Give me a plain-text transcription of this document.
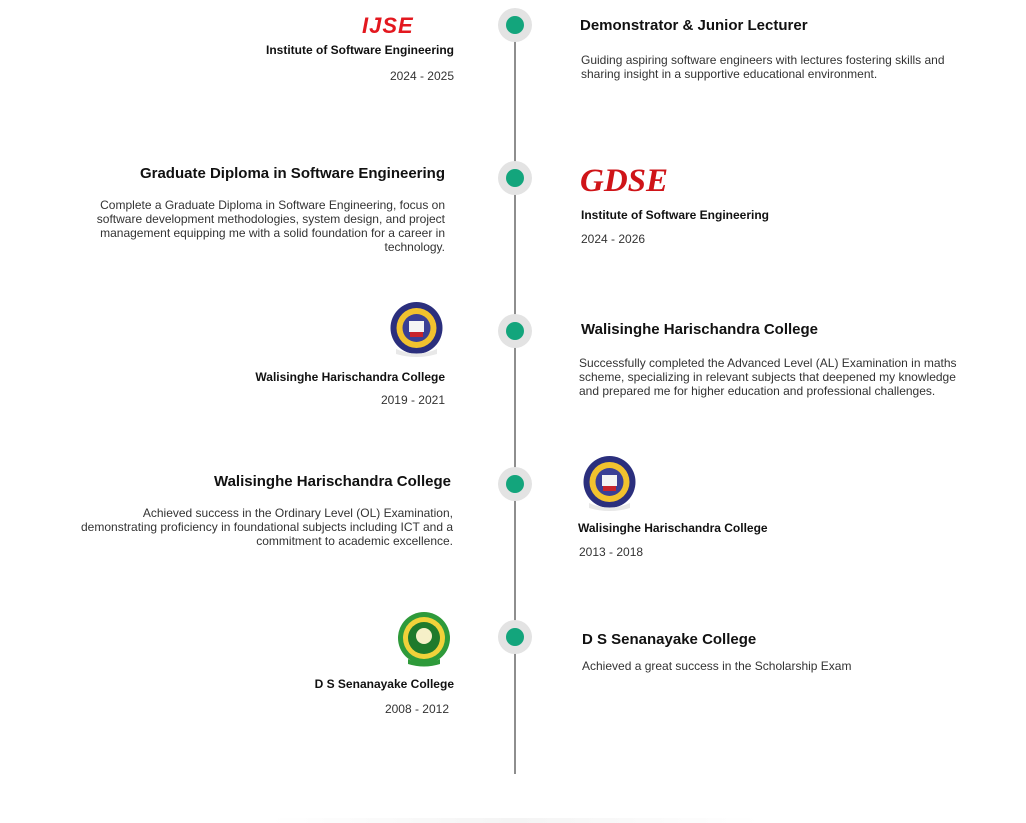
IJSE
Institute of Software Engineering
2024 - 2025
Demonstrator & Junior Lecturer
Guiding aspiring software engineers with lectures fostering skills and sharing insight in a supportive educational environment.
Graduate Diploma in Software Engineering
Complete a Graduate Diploma in Software Engineering, focus on software development methodologies, system design, and project management equipping me with a solid foundation for a career in technology.
GDSE
Institute of Software Engineering
2024 - 2026
Walisinghe Harischandra College
2019 - 2021
Walisinghe Harischandra College
Successfully completed the Advanced Level (AL) Examination in maths scheme, specializing in relevant subjects that deepened my knowledge and prepared me for higher education and professional challenges.
Walisinghe Harischandra College
Achieved success in the Ordinary Level (OL) Examination, demonstrating proficiency in foundational subjects including ICT and a commitment to academic excellence.
Walisinghe Harischandra College
2013 - 2018
D S Senanayake College
2008 - 2012
D S Senanayake College
Achieved a great success in the Scholarship Exam
